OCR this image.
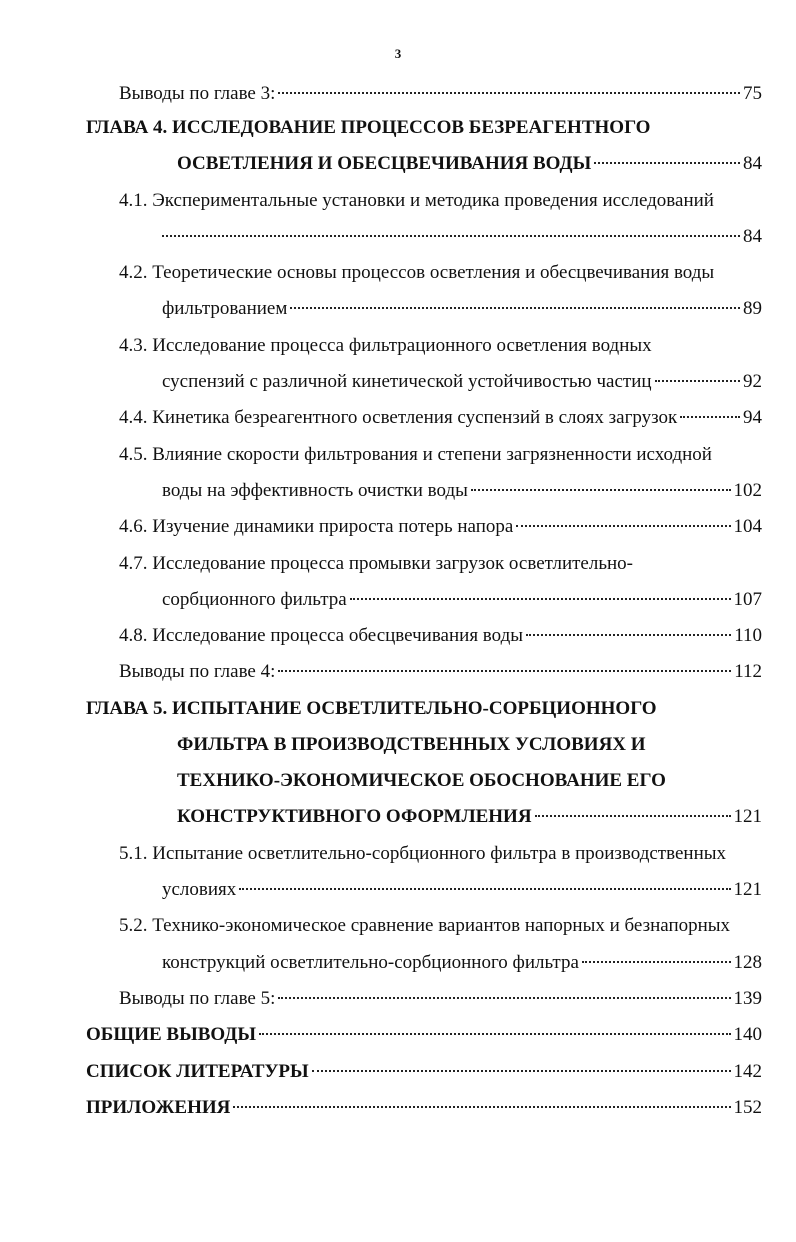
3
Выводы по главе 3:	75
ГЛАВА 4. ИССЛЕДОВАНИЕ ПРОЦЕССОВ БЕЗРЕАГЕНТНОГО
ОСВЕТЛЕНИЯ И ОБЕСЦВЕЧИВАНИЯ ВОДЫ	84
4.1. Экспериментальные установки и методика проведения исследований
84
4.2. Теоретические основы процессов осветления и обесцвечивания воды
фильтрованием	89
4.3. Исследование процесса фильтрационного осветления водных
суспензий с различной кинетической устойчивостью частиц	92
4.4. Кинетика безреагентного осветления суспензий в слоях загрузок	94
4.5. Влияние скорости фильтрования и степени загрязненности исходной
воды на эффективность очистки воды	102
4.6. Изучение динамики прироста потерь напора	104
4.7. Исследование процесса промывки загрузок осветлительно-
сорбционного фильтра	107
4.8. Исследование процесса обесцвечивания воды	110
Выводы по главе 4:	112
ГЛАВА 5. ИСПЫТАНИЕ ОСВЕТЛИТЕЛЬНО-СОРБЦИОННОГО
ФИЛЬТРА В ПРОИЗВОДСТВЕННЫХ УСЛОВИЯХ И
ТЕХНИКО-ЭКОНОМИЧЕСКОЕ ОБОСНОВАНИЕ ЕГО
КОНСТРУКТИВНОГО ОФОРМЛЕНИЯ	121
5.1. Испытание осветлительно-сорбционного фильтра в производственных
условиях	121
5.2. Технико-экономическое сравнение вариантов напорных и безнапорных
конструкций осветлительно-сорбционного фильтра	128
Выводы по главе 5:	139
ОБЩИЕ ВЫВОДЫ	140
СПИСОК ЛИТЕРАТУРЫ	142
ПРИЛОЖЕНИЯ	152
